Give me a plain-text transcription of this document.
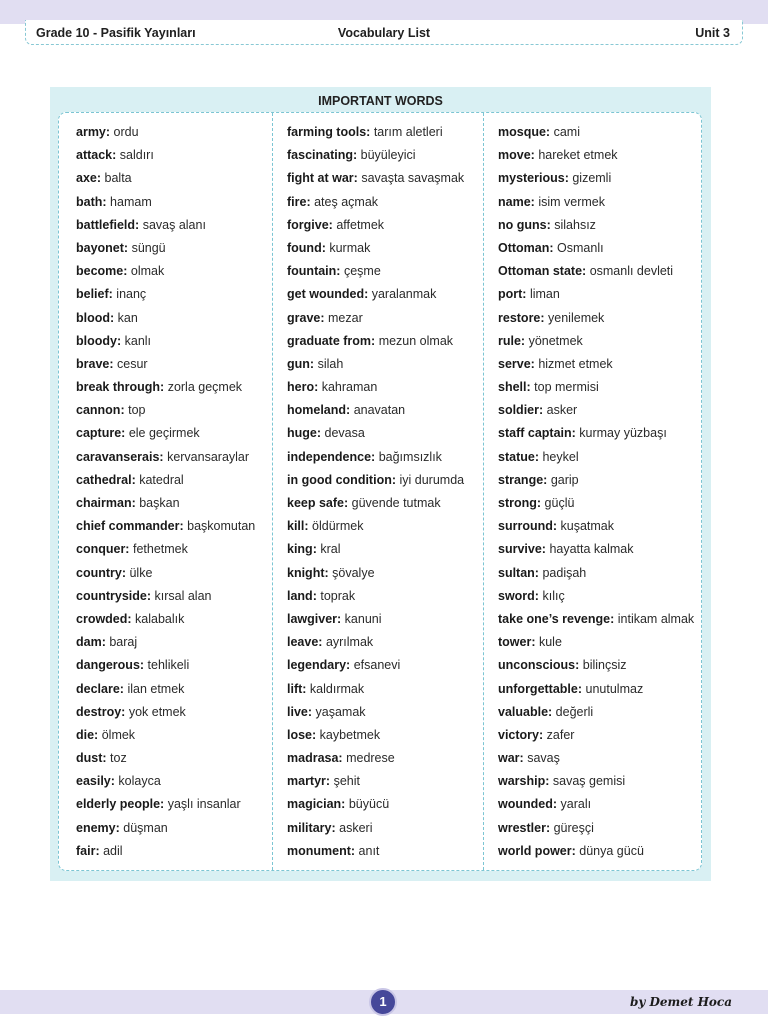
Grade 10 - Pasifik Yayınları	Vocabulary List	Unit 3
IMPORTANT WORDS
army: ordu
attack: saldırı
axe: balta
bath: hamam
battlefield: savaş alanı
bayonet: süngü
become: olmak
belief: inanç
blood: kan
bloody: kanlı
brave: cesur
break through: zorla geçmek
cannon: top
capture: ele geçirmek
caravanserais: kervansaraylar
cathedral: katedral
chairman: başkan
chief commander: başkomutan
conquer: fethetmek
country: ülke
countryside: kırsal alan
crowded: kalabalık
dam: baraj
dangerous: tehlikeli
declare: ilan etmek
destroy: yok etmek
die: ölmek
dust: toz
easily: kolayca
elderly people: yaşlı insanlar
enemy: düşman
fair: adil
farming tools: tarım aletleri
fascinating: büyüleyici
fight at war: savaşta savaşmak
fire: ateş açmak
forgive: affetmek
found: kurmak
fountain: çeşme
get wounded: yaralanmak
grave: mezar
graduate from: mezun olmak
gun: silah
hero: kahraman
homeland: anavatan
huge: devasa
independence: bağımsızlık
in good condition: iyi durumda
keep safe: güvende tutmak
kill: öldürmek
king: kral
knight: şövalye
land: toprak
lawgiver: kanuni
leave: ayrılmak
legendary: efsanevi
lift: kaldırmak
live: yaşamak
lose: kaybetmek
madrasa: medrese
martyr: şehit
magician: büyücü
military: askeri
monument: anıt
mosque: cami
move: hareket etmek
mysterious: gizemli
name: isim vermek
no guns: silahsız
Ottoman: Osmanlı
Ottoman state: osmanlı devleti
port: liman
restore: yenilemek
rule: yönetmek
serve: hizmet etmek
shell: top mermisi
soldier: asker
staff captain: kurmay yüzbaşı
statue: heykel
strange: garip
strong: güçlü
surround: kuşatmak
survive: hayatta kalmak
sultan: padişah
sword: kılıç
take one’s revenge: intikam almak
tower: kule
unconscious: bilinçsiz
unforgettable: unutulmaz
valuable: değerli
victory: zafer
war: savaş
warship: savaş gemisi
wounded: yaralı
wrestler: güreşçi
world power: dünya gücü
1	by Demet Hoca
